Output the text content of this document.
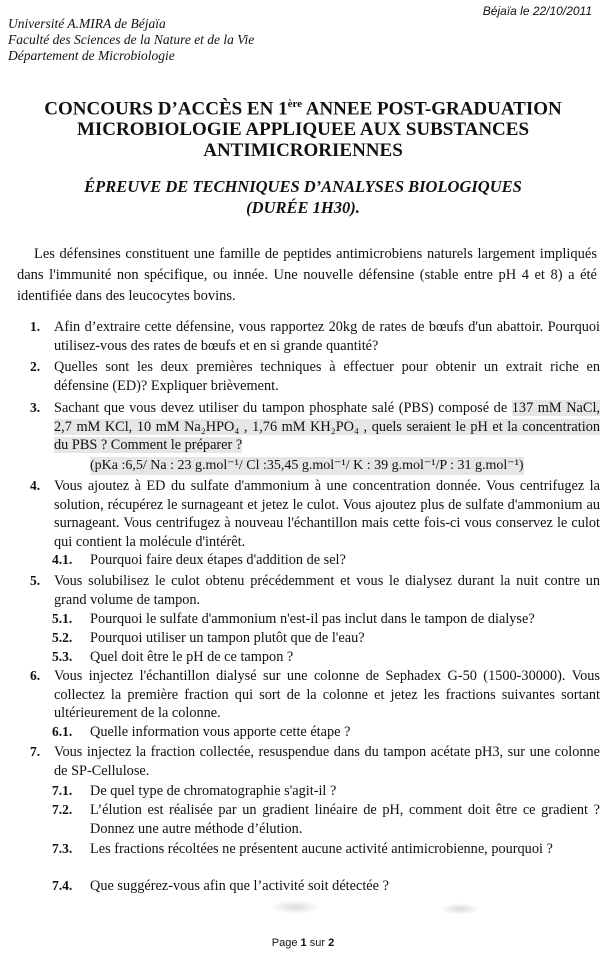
Béjaïa le 22/10/2011
Université A.MIRA de Béjaïa
Faculté des Sciences de la Nature et de la Vie
Département de Microbiologie
CONCOURS D’ACCÈS EN 1ère ANNEE POST-GRADUATION
MICROBIOLOGIE APPLIQUEE AUX SUBSTANCES
ANTIMICRORIENNES
ÉPREUVE DE TECHNIQUES D’ANALYSES BIOLOGIQUES
(DURÉE 1H30).
Les défensines constituent une famille de peptides antimicrobiens naturels largement impliqués dans l'immunité non spécifique, ou innée. Une nouvelle défensine (stable entre pH 4 et 8) a été identifiée dans des leucocytes bovins.
1. Afin d’extraire cette défensine, vous rapportez 20kg de rates de bœufs d'un abattoir. Pourquoi utilisez-vous des rates de bœufs et en si grande quantité?
2. Quelles sont les deux premières techniques à effectuer pour obtenir un extrait riche en défensine (ED)? Expliquer brièvement.
3. Sachant que vous devez utiliser du tampon phosphate salé (PBS) composé de 137 mM NaCl, 2,7 mM KCl, 10 mM Na₂HPO₄ , 1,76 mM KH₂PO₄ , quels seraient le pH et la concentration du PBS ? Comment le préparer ?
(pKa :6,5/ Na : 23 g.mol⁻¹/ Cl :35,45 g.mol⁻¹/ K : 39 g.mol⁻¹/P : 31 g.mol⁻¹)
4. Vous ajoutez à ED du sulfate d'ammonium à une concentration donnée. Vous centrifugez la solution, récupérez le surnageant et jetez le culot. Vous ajoutez plus de sulfate d'ammonium au surnageant. Vous centrifugez à nouveau l'échantillon mais cette fois-ci vous conservez le culot qui contient la molécule d'intérêt.
4.1. Pourquoi faire deux étapes d'addition de sel?
5. Vous solubilisez le culot obtenu précédemment et vous le dialysez durant la nuit contre un grand volume de tampon.
5.1. Pourquoi le sulfate d'ammonium n'est-il pas inclut dans le tampon de dialyse?
5.2. Pourquoi utiliser un tampon plutôt que de l'eau?
5.3. Quel doit être le pH de ce tampon ?
6. Vous injectez l'échantillon dialysé sur une colonne de Sephadex G-50 (1500-30000). Vous collectez la première fraction qui sort de la colonne et jetez les fractions suivantes sortant ultérieurement de la colonne.
6.1. Quelle information vous apporte cette étape ?
7. Vous injectez la fraction collectée, resuspendue dans du tampon acétate pH3, sur une colonne de SP-Cellulose.
7.1. De quel type de chromatographie s'agit-il ?
7.2. L’élution est réalisée par un gradient linéaire de pH, comment doit être ce gradient ? Donnez une autre méthode d’élution.
7.3. Les fractions récoltées ne présentent aucune activité antimicrobienne, pourquoi ?
7.4. Que suggérez-vous afin que l’activité soit détectée ?
Page 1 sur 2
